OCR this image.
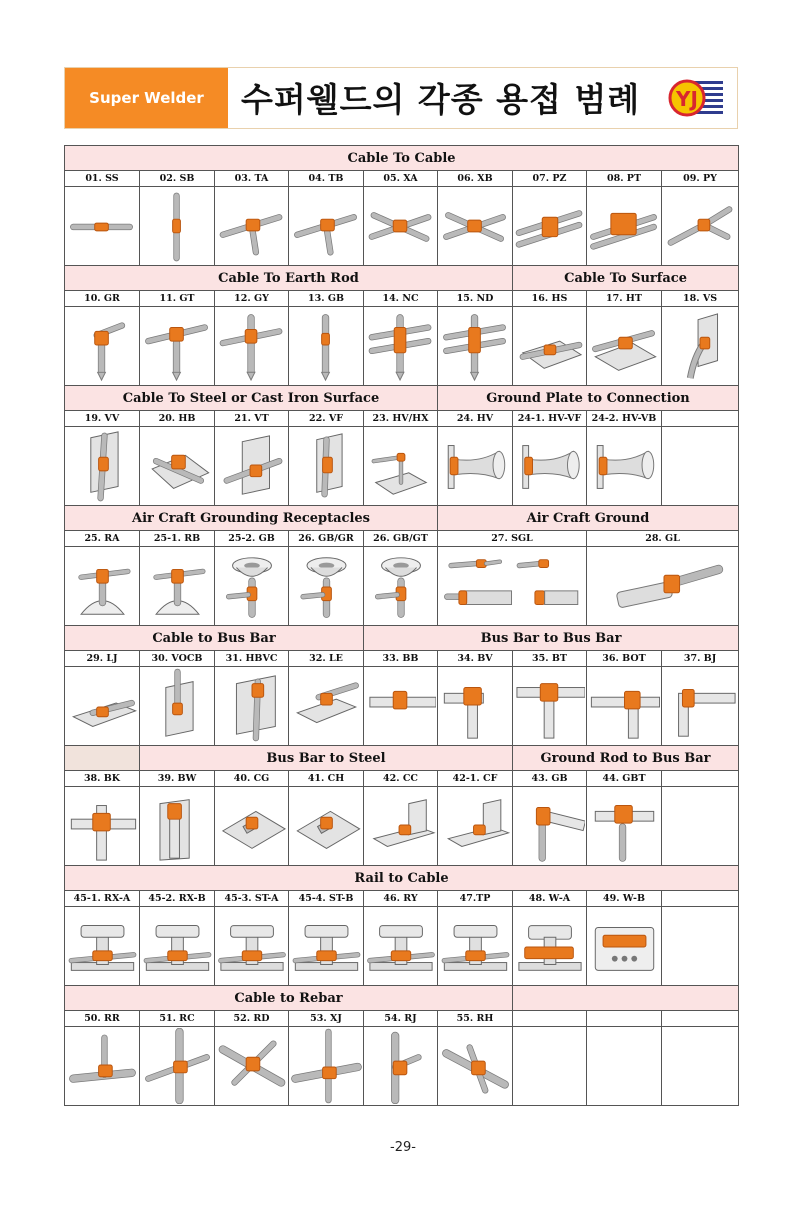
Super Welder	수퍼웰드의 각종 용접 범례 YJ
Cable To Cable								
01. SS	02. SB	03. TA	04. TB	05. XA	06. XB	07. PZ	08. PT	09. PY

Cable To Earth Rod						Cable To Surface		
10. GR	11. GT	12. GY	13. GB	14. NC	15. ND	16. HS	17. HT	18. VS

Cable To Steel or Cast Iron Surface					Ground Plate to Connection			
19. VV	20. HB	21. VT	22. VF	23. HV/HX	24. HV	24-1. HV-VF	24-2. HV-VB	

Air Craft Grounding Receptacles					Air Craft Ground			
25. RA	25-1. RB	25-2. GB	26. GB/GR	26. GB/GT	27. SGL		28. GL	

Cable to Bus Bar				Bus Bar to Bus Bar				
29. LJ	30. VOCB	31. HBVC	32. LE	33. BB	34. BV	35. BT	36. BOT	37. BJ

	Bus Bar to Steel					Ground Rod to Bus Bar		
38. BK	39. BW	40. CG	41. CH	42. CC	42-1. CF	43. GB	44. GBT	

Rail to Cable								
45-1. RX-A	45-2. RX-B	45-3. ST-A	45-4. ST-B	46. RY	47.TP	48. W-A	49. W-B	

Cable to Rebar								
50. RR	51. RC	52. RD	53. XJ	54. RJ	55. RH			

-29-
